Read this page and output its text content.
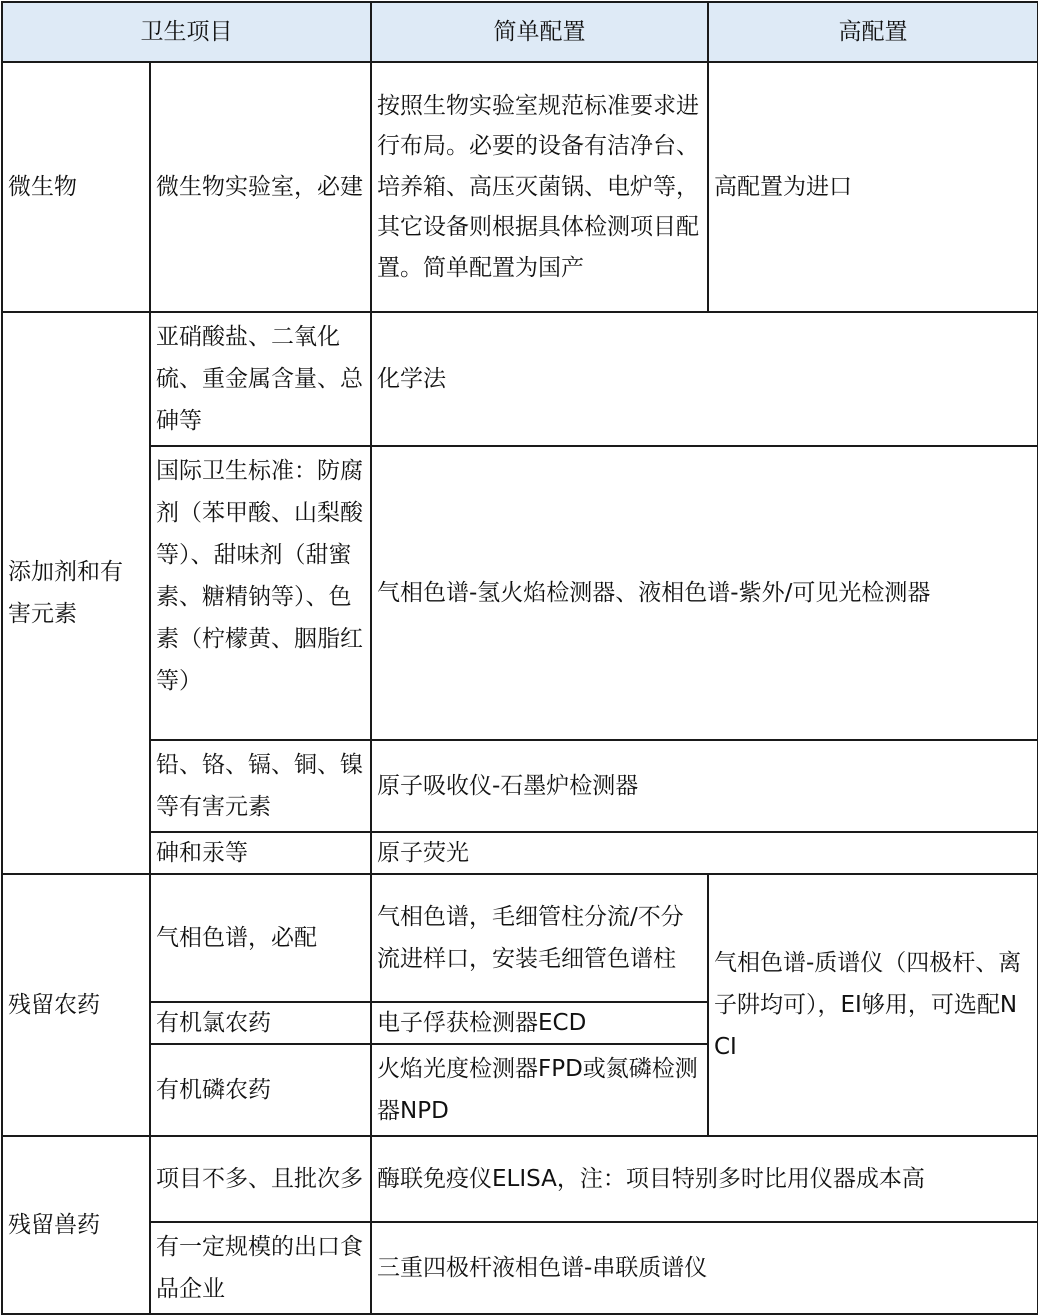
卫生项目		简单配置	高配置
微生物	微生物实验室，必建	按照生物实验室规范标准要求进行布局。必要的设备有洁净台、培养箱、高压灭菌锅、电炉等，其它设备则根据具体检测项目配置。简单配置为国产	高配置为进口
添加剂和有害元素	亚硝酸盐、二氧化硫、重金属含量、总砷等	化学法	
	国际卫生标准：防腐剂（苯甲酸、山梨酸等）、甜味剂（甜蜜素、糖精钠等）、色素（柠檬黄、胭脂红等）	气相色谱-氢火焰检测器、液相色谱-紫外/可见光检测器	
	铅、铬、镉、铜、镍等有害元素	原子吸收仪-石墨炉检测器	
	砷和汞等	原子荧光	
残留农药	气相色谱，必配	气相色谱，毛细管柱分流/不分流进样口，安装毛细管色谱柱	气相色谱-质谱仪（四极杆、离子阱均可），EI够用，可选配NCI
	有机氯农药	电子俘获检测器ECD	
	有机磷农药	火焰光度检测器FPD或氮磷检测器NPD	
残留兽药	项目不多、且批次多	酶联免疫仪ELISA，注：项目特别多时比用仪器成本高	
	有一定规模的出口食品企业	三重四极杆液相色谱-串联质谱仪	
